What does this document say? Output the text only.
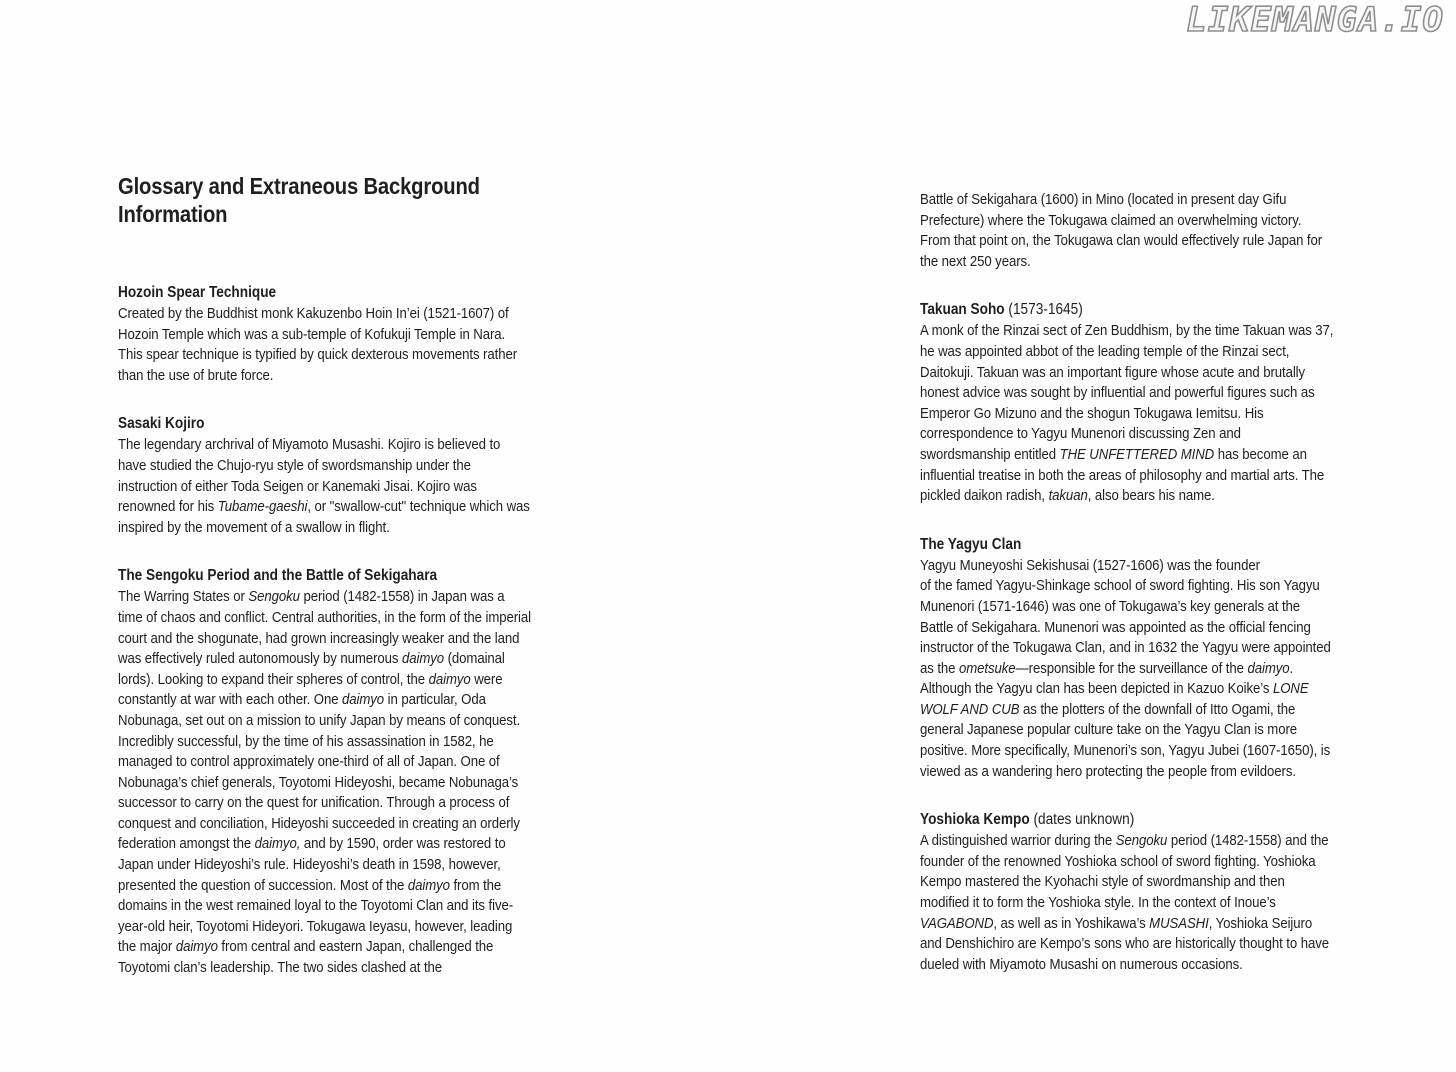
LIKEMANGA.IO
Glossary and Extraneous Background
Information
Hozoin Spear Technique
Created by the Buddhist monk Kakuzenbo Hoin In’ei (1521-1607) of Hozoin Temple which was a sub-temple of Kofukuji Temple in Nara. This spear technique is typified by quick dexterous movements rather than the use of brute force.
Sasaki Kojiro
The legendary archrival of Miyamoto Musashi. Kojiro is believed to have studied the Chujo-ryu style of swordsmanship under the instruction of either Toda Seigen or Kanemaki Jisai. Kojiro was renowned for his Tubame-gaeshi, or "swallow-cut" technique which was inspired by the movement of a swallow in flight.
The Sengoku Period and the Battle of Sekigahara
The Warring States or Sengoku period (1482-1558) in Japan was a time of chaos and conflict. Central authorities, in the form of the imperial court and the shogunate, had grown increasingly weaker and the land was effectively ruled autonomously by numerous daimyo (domainal lords). Looking to expand their spheres of control, the daimyo were constantly at war with each other. One daimyo in particular, Oda Nobunaga, set out on a mission to unify Japan by means of conquest. Incredibly successful, by the time of his assassination in 1582, he managed to control approximately one-third of all of Japan. One of Nobunaga’s chief generals, Toyotomi Hideyoshi, became Nobunaga’s successor to carry on the quest for unification. Through a process of conquest and conciliation, Hideyoshi succeeded in creating an orderly federation amongst the daimyo, and by 1590, order was restored to Japan under Hideyoshi’s rule. Hideyoshi’s death in 1598, however, presented the question of succession. Most of the daimyo from the domains in the west remained loyal to the Toyotomi Clan and its five-year-old heir, Toyotomi Hideyori. Tokugawa Ieyasu, however, leading the major daimyo from central and eastern Japan, challenged the Toyotomi clan’s leadership. The two sides clashed at the
Battle of Sekigahara (1600) in Mino (located in present day Gifu Prefecture) where the Tokugawa claimed an overwhelming victory. From that point on, the Tokugawa clan would effectively rule Japan for the next 250 years.
Takuan Soho (1573-1645)
A monk of the Rinzai sect of Zen Buddhism, by the time Takuan was 37, he was appointed abbot of the leading temple of the Rinzai sect, Daitokuji. Takuan was an important figure whose acute and brutally honest advice was sought by influential and powerful figures such as Emperor Go Mizuno and the shogun Tokugawa Iemitsu. His correspondence to Yagyu Munenori discussing Zen and swordsmanship entitled THE UNFETTERED MIND has become an influential treatise in both the areas of philosophy and martial arts. The pickled daikon radish, takuan, also bears his name.
The Yagyu Clan
Yagyu Muneyoshi Sekishusai (1527-1606) was the founder
of the famed Yagyu-Shinkage school of sword fighting. His son Yagyu Munenori (1571-1646) was one of Tokugawa’s key generals at the Battle of Sekigahara. Munenori was appointed as the official fencing instructor of the Tokugawa Clan, and in 1632 the Yagyu were appointed as the ometsuke—responsible for the surveillance of the daimyo. Although the Yagyu clan has been depicted in Kazuo Koike’s LONE WOLF AND CUB as the plotters of the downfall of Itto Ogami, the general Japanese popular culture take on the Yagyu Clan is more positive. More specifically, Munenori’s son, Yagyu Jubei (1607-1650), is viewed as a wandering hero protecting the people from evildoers.
Yoshioka Kempo (dates unknown)
A distinguished warrior during the Sengoku period (1482-1558) and the founder of the renowned Yoshioka school of sword fighting. Yoshioka Kempo mastered the Kyohachi style of swordmanship and then modified it to form the Yoshioka style. In the context of Inoue’s VAGABOND, as well as in Yoshikawa’s MUSASHI, Yoshioka Seijuro and Denshichiro are Kempo’s sons who are historically thought to have dueled with Miyamoto Musashi on numerous occasions.
